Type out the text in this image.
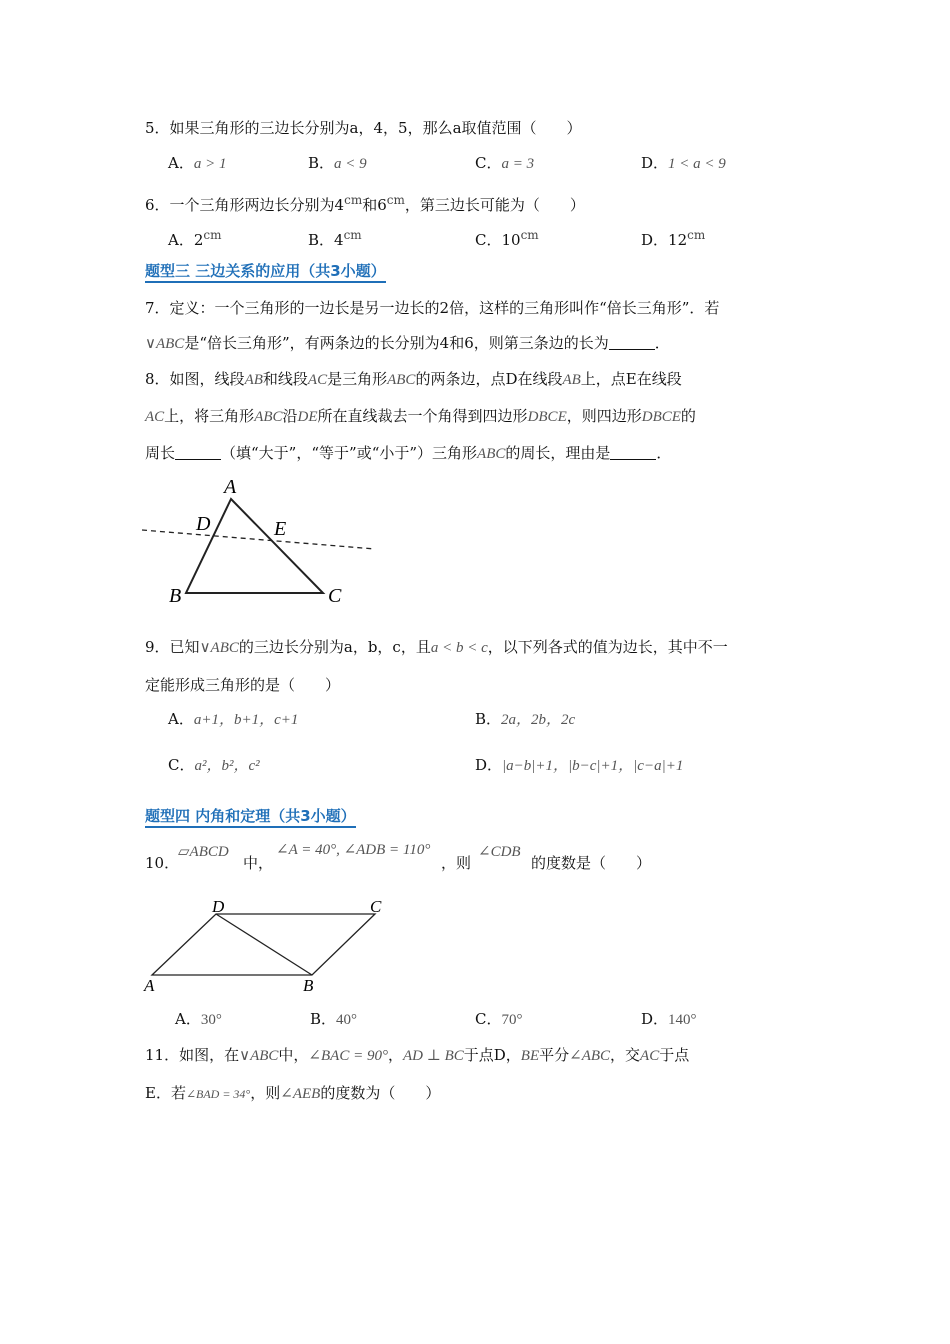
5．如果三角形的三边长分别为a，4，5，那么a取值范围（　　）
A．a > 1	B．a < 9	C．a = 3	D．1 < a < 9
6．一个三角形两边长分别为$4^{cm}$和$6^{cm}$，第三边长可能为（　　）
A．$2^{cm}$	B．$4^{cm}$	C．$10^{cm}$	D．$12^{cm}$
题型三 三边关系的应用（共3小题）
7．定义：一个三角形的一边长是另一边长的2倍，这样的三角形叫作“倍长三角形”．若
∨ABC是“倍长三角形”，有两条边的长分别为4和6，则第三条边的长为	．
8．如图，线段AB和线段AC是三角形ABC的两条边，点D在线段AB上，点E在线段
AC上，将三角形ABC沿DE所在直线裁去一个角得到四边形DBCE，则四边形DBCE的
周长	（填“大于”，“等于”或“小于”）三角形ABC的周长，理由是	．
A
D	E
B	C
9．已知∨ABC的三边长分别为a，b，c，且a < b < c，以下列各式的值为边长，其中不一
定能形成三角形的是（　　）
A．a+1，b+1，c+1	B．2a，2b，2c
C．a²，b²，c²	D．|a−b|+1，|b−c|+1，|c−a|+1
题型四 内角和定理（共3小题）
10．
▱ABCD
中，
∠A = 40°, ∠ADB = 110°
，则
∠CDB
的度数是（　　）
D	C
A	B
A．30°	B．40°	C．70°	D．140°
11．如图，在∨ABC中，∠BAC = 90°，AD ⊥ BC于点D，BE平分∠ABC，交AC于点
E．若∠BAD = 34°，则∠AEB的度数为（　　）
